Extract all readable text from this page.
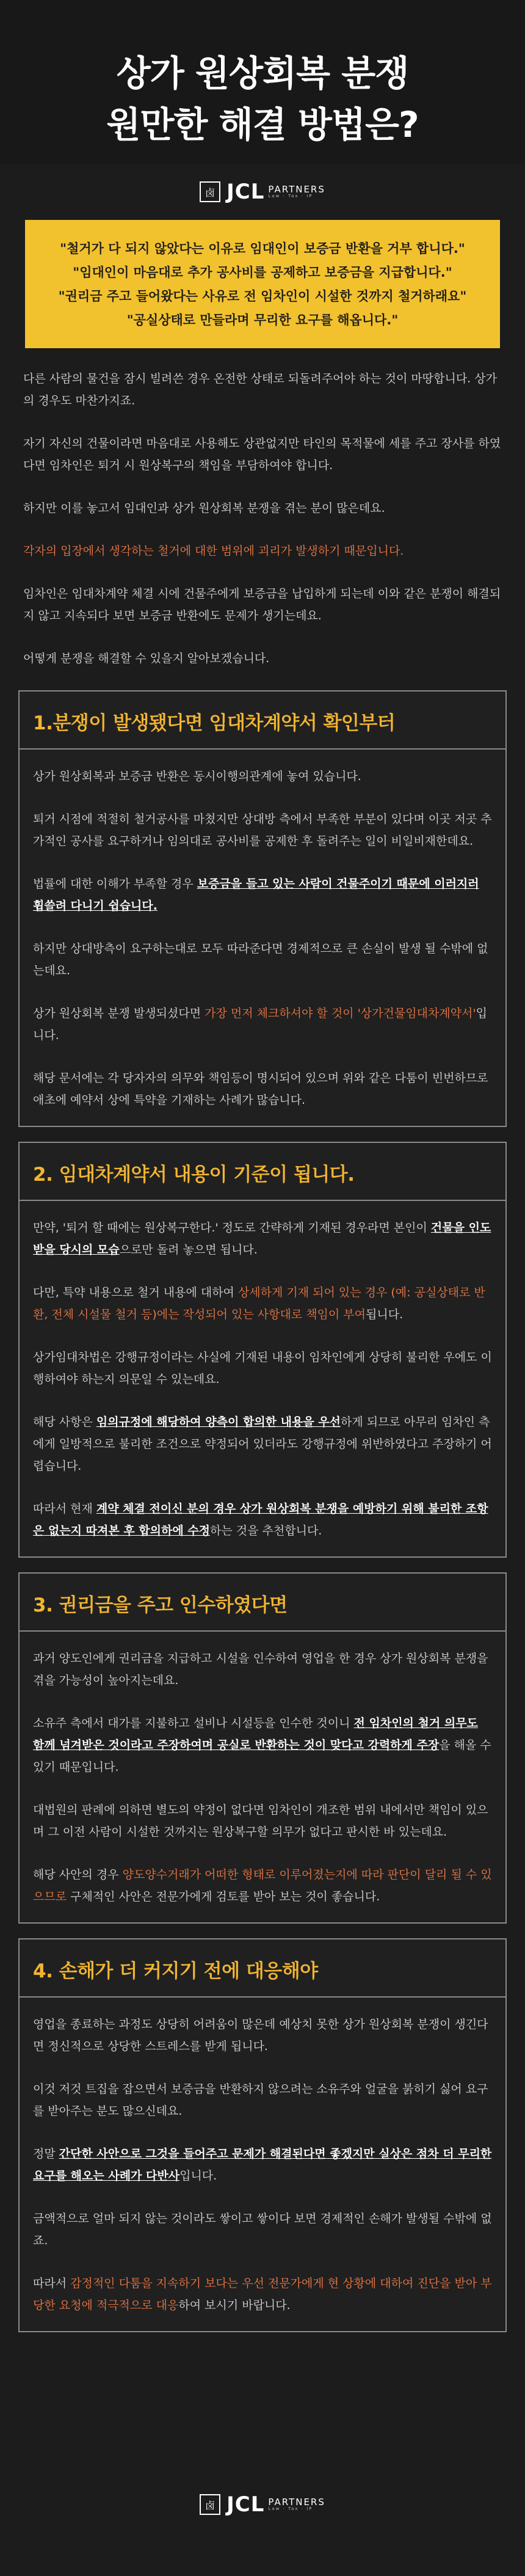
상가 원상회복 분쟁
원만한 해결 방법은?
卤 JCL PARTNERS
Law · Tax · IP

"철거가 다 되지 않았다는 이유로 임대인이 보증금 반환을 거부 합니다."

"임대인이 마음대로 추가 공사비를 공제하고 보증금을 지급합니다."

"권리금 주고 들어왔다는 사유로 전 임차인이 시설한 것까지 철거하래요"

"공실상태로 만들라며 무리한 요구를 해옵니다."

다른 사람의 물건을 잠시 빌려쓴 경우 온전한 상태로 되돌려주어야 하는 것이 마땅합니다. 상가의 경우도 마찬가지죠.

자기 자신의 건물이라면 마음대로 사용해도 상관없지만 타인의 목적물에 세를 주고 장사를 하였다면 임차인은 퇴거 시 원상복구의 책임을 부담하여야 합니다.

하지만 이를 놓고서 임대인과 상가 원상회복 분쟁을 겪는 분이 많은데요.

각자의 입장에서 생각하는 철거에 대한 범위에 괴리가 발생하기 때문입니다.

임차인은 임대차계약 체결 시에 건물주에게 보증금을 납입하게 되는데 이와 같은 분쟁이 해결되지 않고 지속되다 보면 보증금 반환에도 문제가 생기는데요.

어떻게 분쟁을 해결할 수 있을지 알아보겠습니다.

1.분쟁이 발생됐다면 임대차계약서 확인부터

상가 원상회복과 보증금 반환은 동시이행의관계에 놓여 있습니다.

퇴거 시점에 적절히 철거공사를 마쳤지만 상대방 측에서 부족한 부분이 있다며 이곳 저곳 추가적인 공사를 요구하거나 임의대로 공사비를 공제한 후 돌려주는 일이 비일비재한데요.

법률에 대한 이해가 부족할 경우 보증금을 들고 있는 사람이 건물주이기 때문에 이러지러 휩쓸려 다니기 쉽습니다.

하지만 상대방측이 요구하는대로 모두 따라준다면 경제적으로 큰 손실이 발생 될 수밖에 없는데요.

상가 원상회복 분쟁 발생되셨다면 가장 먼저 체크하셔야 할 것이 '상가건물임대차계약서'입니다.

해당 문서에는 각 당자자의 의무와 책임등이 명시되어 있으며 위와 같은 다툼이 빈번하므로 애초에 예약서 상에 특약을 기재하는 사례가 많습니다.

2. 임대차계약서 내용이 기준이 됩니다.

만약, '퇴거 할 때에는 원상복구한다.' 정도로 간략하게 기재된 경우라면 본인이 건물을 인도받을 당시의 모습으로만 돌려 놓으면 됩니다.

다만, 특약 내용으로 철거 내용에 대하여 상세하게 기재 되어 있는 경우 (예: 공실상태로 반환, 전체 시설물 철거 등)에는 작성되어 있는 사항대로 책임이 부여됩니다.

상가임대차법은 강행규정이라는 사실에 기재된 내용이 임차인에게 상당히 불리한 우에도 이행하여야 하는지 의문일 수 있는데요.

해당 사항은 임의규정에 해당하여 양측이 합의한 내용을 우선하게 되므로 아무리 임차인 측에게 일방적으로 불리한 조건으로 약정되어 있더라도 강행규정에 위반하였다고 주장하기 어렵습니다.

따라서 현재 계약 체결 전이신 분의 경우 상가 원상회복 분쟁을 예방하기 위해 불리한 조항은 없는지 따져본 후 합의하에 수정하는 것을 추천합니다.

3. 권리금을 주고 인수하였다면

과거 양도인에게 권리금을 지급하고 시설을 인수하여 영업을 한 경우 상가 원상회복 분쟁을 겪을 가능성이 높아지는데요.

소유주 측에서 대가를 지불하고 설비나 시설등을 인수한 것이니 전 임차인의 철거 의무도 함께 넘겨받은 것이라고 주장하여며 공실로 반환하는 것이 맞다고 강력하게 주장을 해올 수 있기 때문입니다.

대법원의 판례에 의하면 별도의 약정이 없다면 임차인이 개조한 범위 내에서만 책임이 있으며 그 이전 사람이 시설한 것까지는 원상복구할 의무가 없다고 판시한 바 있는데요.

해당 사안의 경우 양도양수거래가 어떠한 형태로 이루어졌는지에 따라 판단이 달리 될 수 있으므로 구체적인 사안은 전문가에게 검토를 받아 보는 것이 좋습니다.

4. 손해가 더 커지기 전에 대응해야

영업을 종료하는 과정도 상당히 어려움이 많은데 예상치 못한 상가 원상회복 분쟁이 생긴다면 정신적으로 상당한 스트레스를 받게 됩니다.

이것 저것 트집을 잡으면서 보증금을 반환하지 않으려는 소유주와 얼굴을 붉히기 싫어 요구를 받아주는 분도 많으신데요.

정말 간단한 사안으로 그것을 들어주고 문제가 해결된다면 좋겠지만 실상은 점차 더 무리한 요구를 해오는 사례가 다반사입니다.

금액적으로 얼마 되지 않는 것이라도 쌓이고 쌓이다 보면 경제적인 손해가 발생될 수밖에 없죠.

따라서 감정적인 다툼을 지속하기 보다는 우선 전문가에게 현 상황에 대하여 진단을 받아 부당한 요청에 적극적으로 대응하여 보시기 바랍니다.

卤 JCL PARTNERS
Law · Tax · IP
